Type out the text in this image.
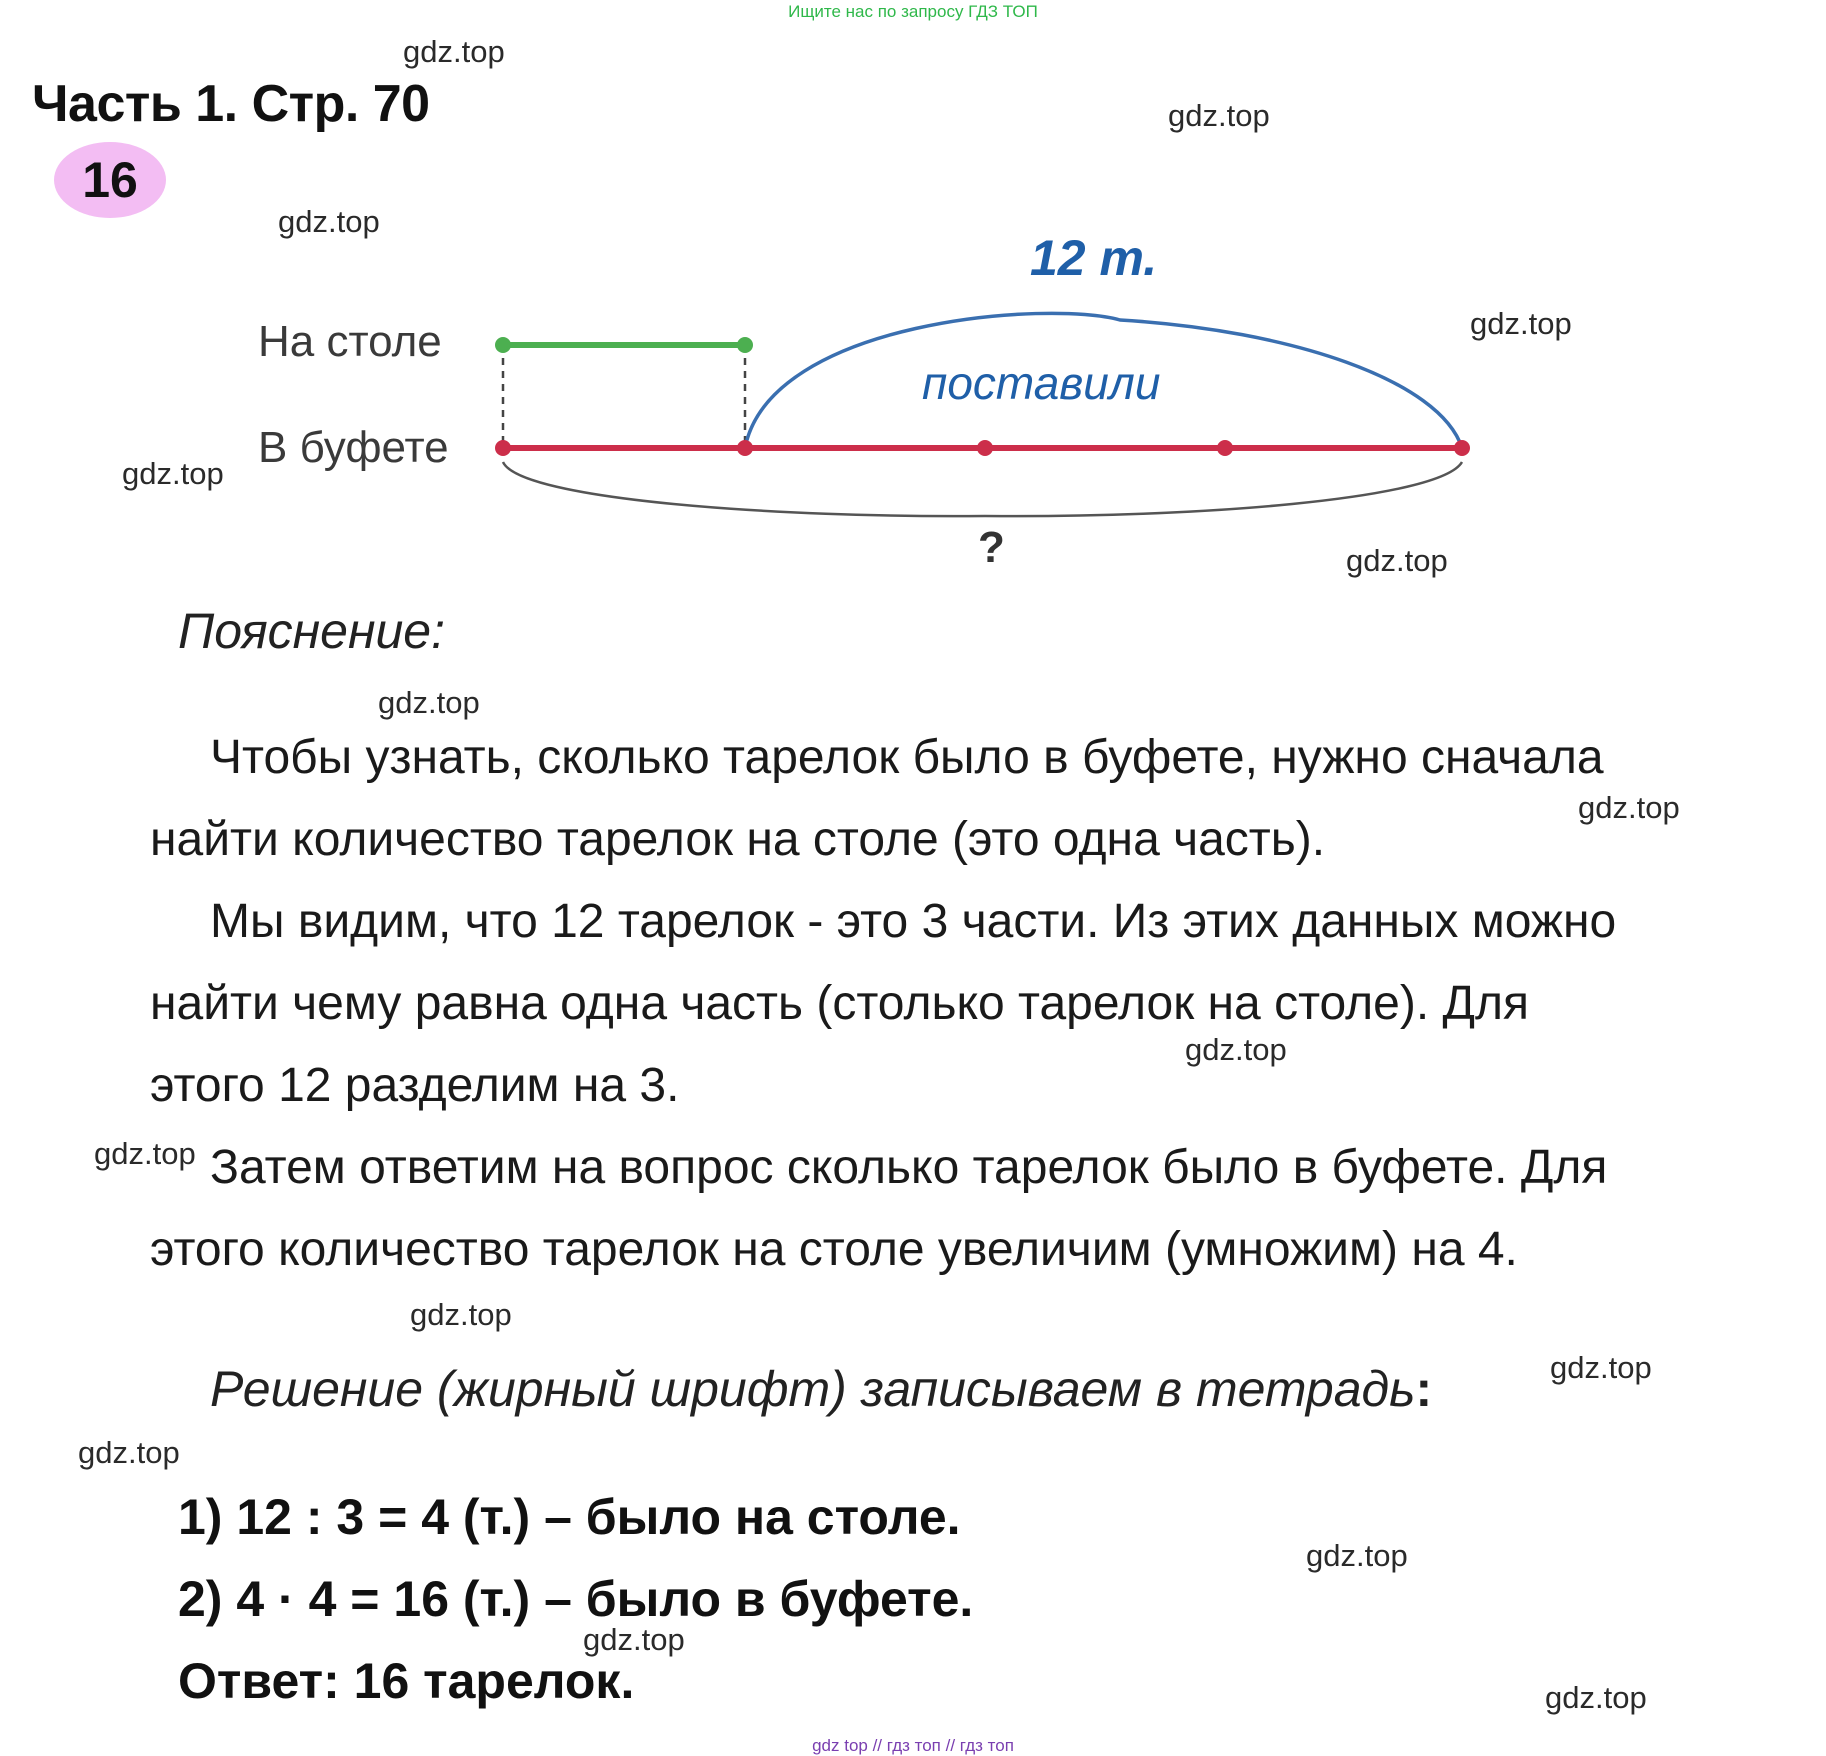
Ищите нас по запросу ГДЗ ТОП
Часть 1. Стр. 70
16
На столе
В буфете
?
12 т.
поставили
Пояснение:
Чтобы узнать, сколько тарелок было в буфете, нужно сначала
найти количество тарелок на столе (это одна часть).
Мы видим, что 12 тарелок - это 3 части. Из этих данных можно
найти чему равна одна часть (столько тарелок на столе). Для
этого 12 разделим на 3.
Затем ответим на вопрос сколько тарелок было в буфете. Для
этого количество тарелок на столе увеличим (умножим) на 4.
Решение (жирный шрифт) записываем в тетрадь:
1) 12 : 3 = 4 (т.) – было на столе.
2) 4 · 4 = 16 (т.) – было в буфете.
Ответ: 16 тарелок.
gdz.top
gdz.top
gdz.top
gdz.top
gdz.top
gdz.top
gdz.top
gdz.top
gdz.top
gdz.top
gdz.top
gdz.top
gdz.top
gdz.top
gdz.top
gdz.top
gdz top // гдз топ // гдз топ
